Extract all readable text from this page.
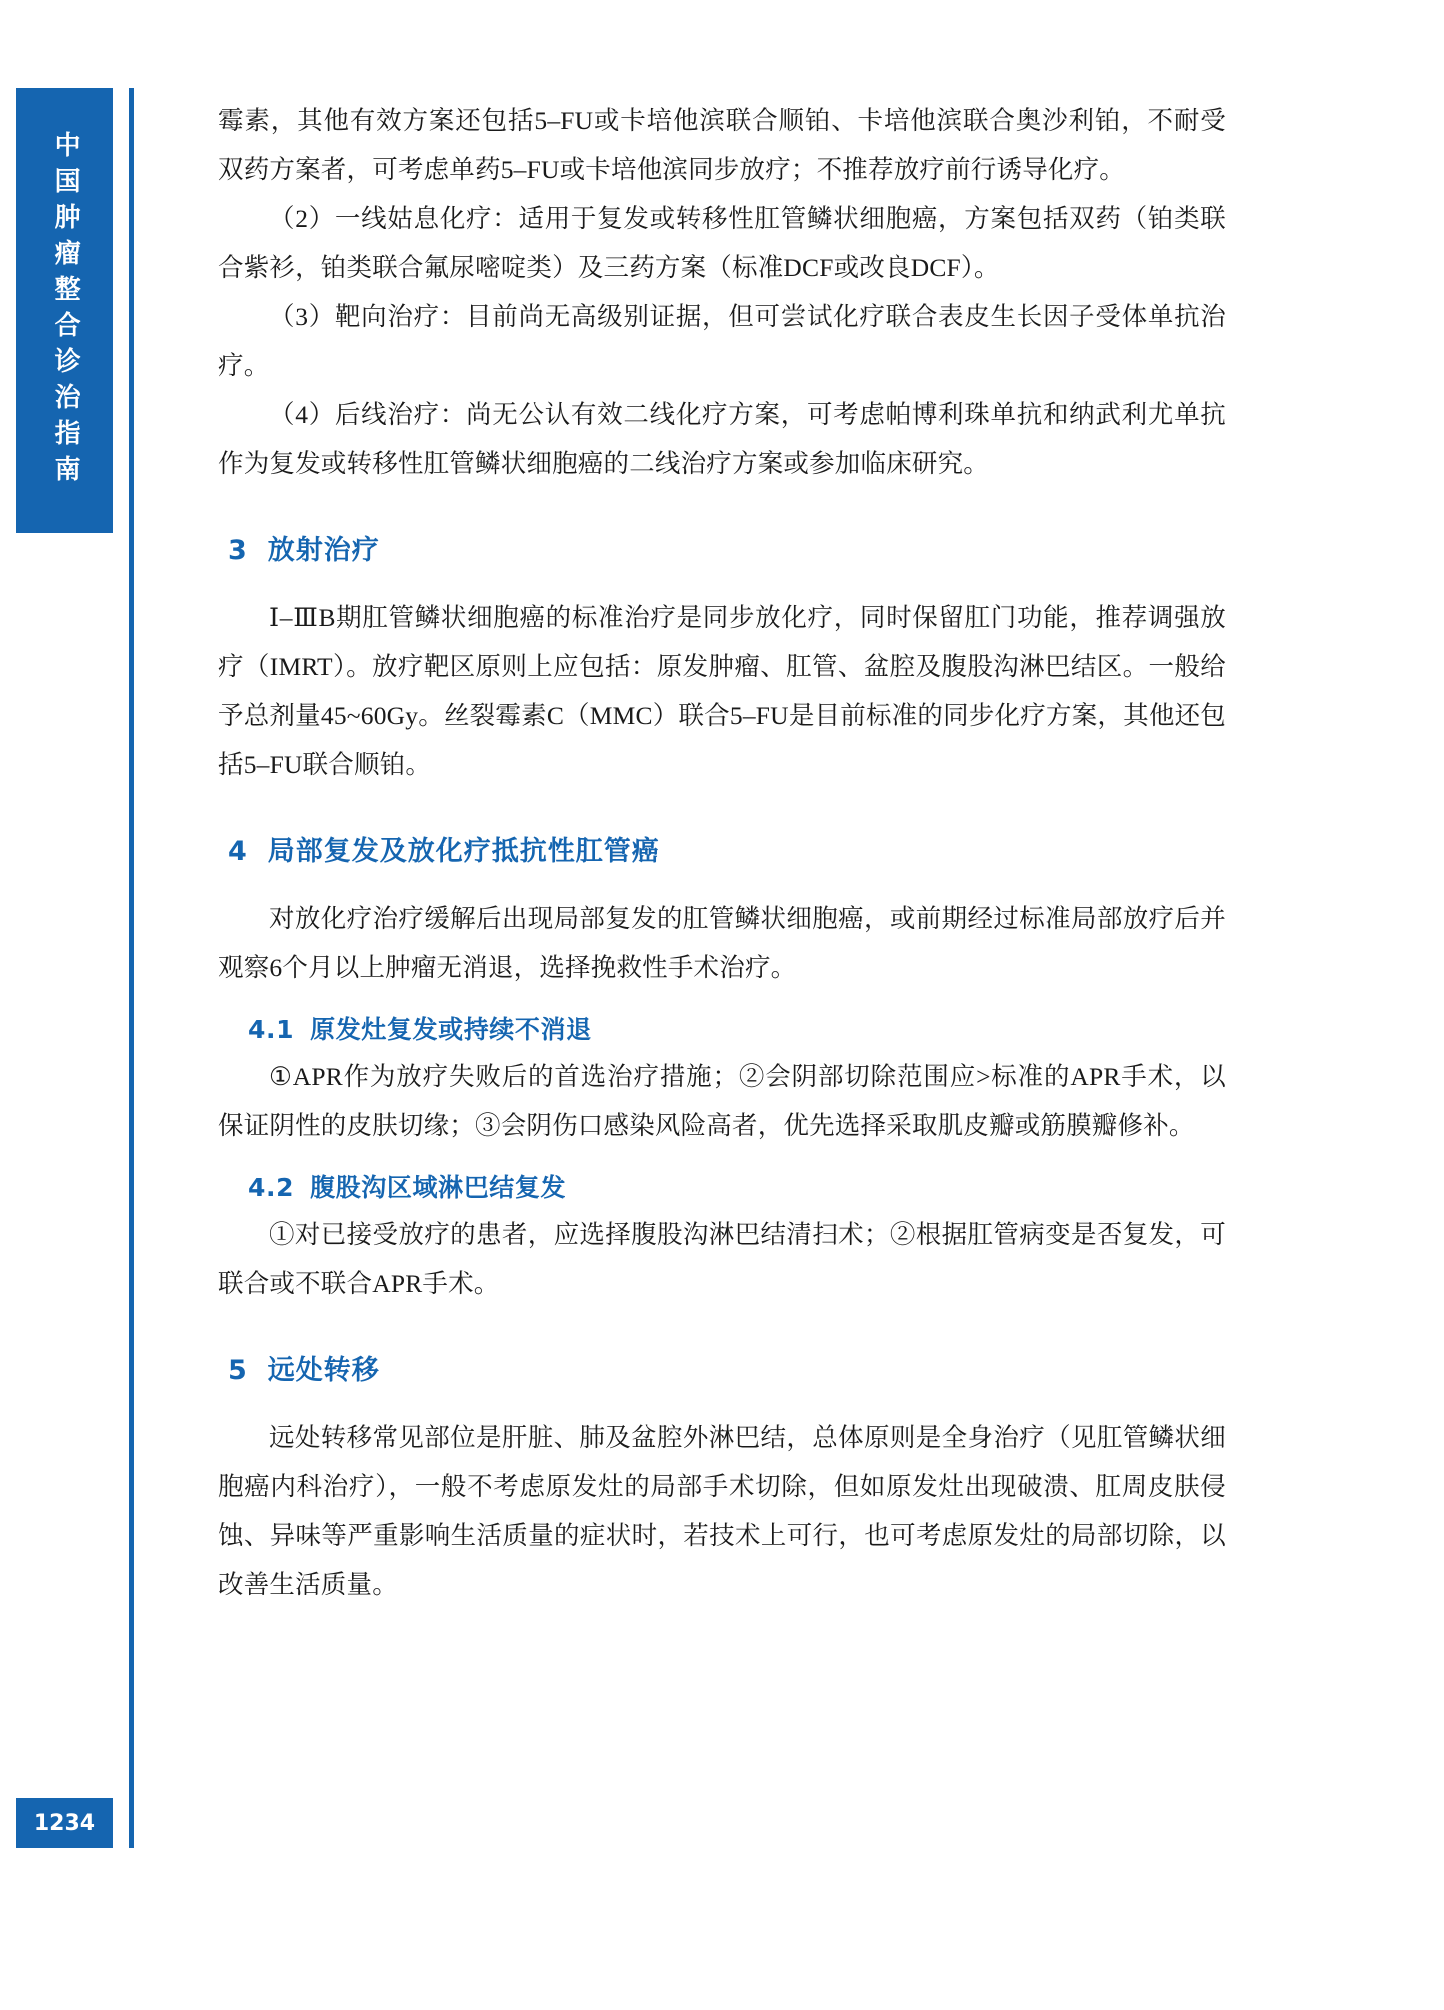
中国肿瘤整合诊治指南
1234

霉素，其他有效方案还包括5–FU或卡培他滨联合顺铂、卡培他滨联合奥沙利铂，不耐受双药方案者，可考虑单药5–FU或卡培他滨同步放疗；不推荐放疗前行诱导化疗。

（2）一线姑息化疗：适用于复发或转移性肛管鳞状细胞癌，方案包括双药（铂类联合紫衫，铂类联合氟尿嘧啶类）及三药方案（标准DCF或改良DCF）。

（3）靶向治疗：目前尚无高级别证据，但可尝试化疗联合表皮生长因子受体单抗治疗。

（4）后线治疗：尚无公认有效二线化疗方案，可考虑帕博利珠单抗和纳武利尤单抗作为复发或转移性肛管鳞状细胞癌的二线治疗方案或参加临床研究。

3 放射治疗

Ⅰ–ⅢB期肛管鳞状细胞癌的标准治疗是同步放化疗，同时保留肛门功能，推荐调强放疗（IMRT）。放疗靶区原则上应包括：原发肿瘤、肛管、盆腔及腹股沟淋巴结区。一般给予总剂量45~60Gy。丝裂霉素C（MMC）联合5–FU是目前标准的同步化疗方案，其他还包括5–FU联合顺铂。

4 局部复发及放化疗抵抗性肛管癌

对放化疗治疗缓解后出现局部复发的肛管鳞状细胞癌，或前期经过标准局部放疗后并观察6个月以上肿瘤无消退，选择挽救性手术治疗。

4.1 原发灶复发或持续不消退

①APR作为放疗失败后的首选治疗措施；②会阴部切除范围应>标准的APR手术，以保证阴性的皮肤切缘；③会阴伤口感染风险高者，优先选择采取肌皮瓣或筋膜瓣修补。

4.2 腹股沟区域淋巴结复发

①对已接受放疗的患者，应选择腹股沟淋巴结清扫术；②根据肛管病变是否复发，可联合或不联合APR手术。

5 远处转移

远处转移常见部位是肝脏、肺及盆腔外淋巴结，总体原则是全身治疗（见肛管鳞状细胞癌内科治疗），一般不考虑原发灶的局部手术切除，但如原发灶出现破溃、肛周皮肤侵蚀、异味等严重影响生活质量的症状时，若技术上可行，也可考虑原发灶的局部切除，以改善生活质量。
